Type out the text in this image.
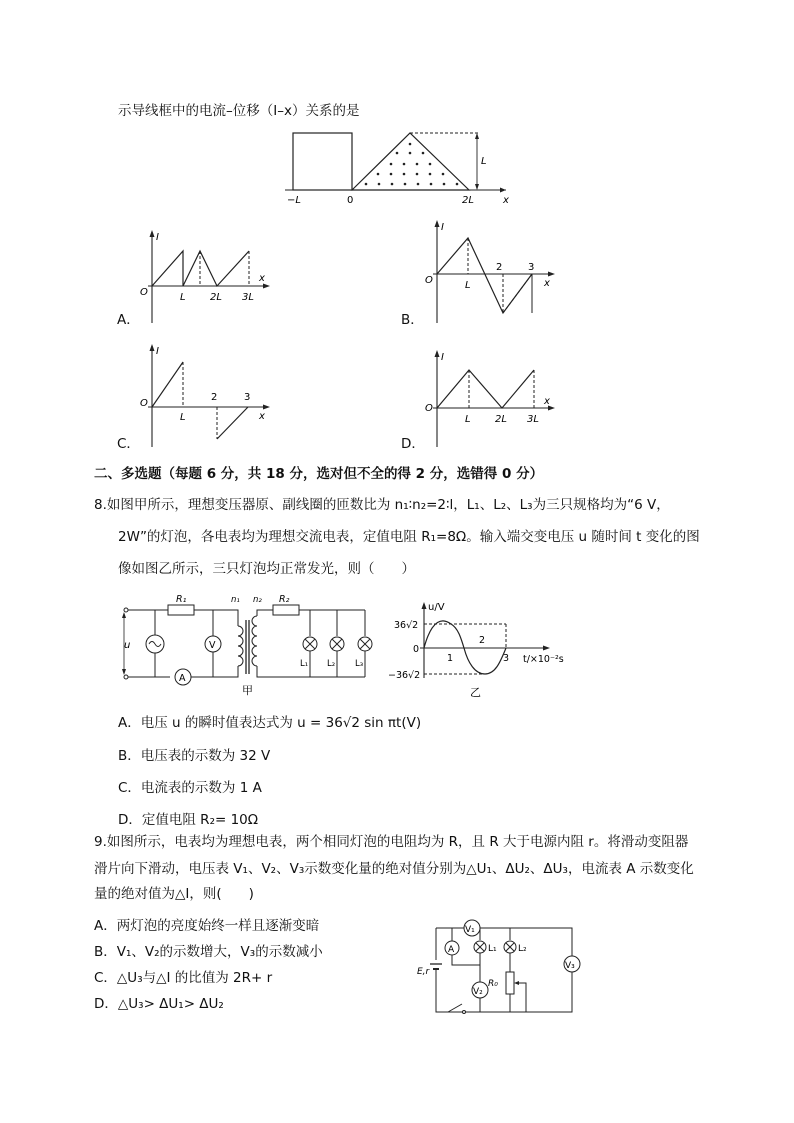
示导线框中的电流–位移（I–x）关系的是
L
−L	0	2L	x
A．
I
O	L 2L 3L
x
B．
I
O	L
2	3
x
C．
I
O
L
2	3
x
D．
I
O
L 2L 3L
x
二、多选题（每题 6 分，共 18 分，选对但不全的得 2 分，选错得 0 分）
8.如图甲所示，理想变压器原、副线圈的匝数比为 n₁∶n₂=2∶l，L₁、L₂、L₃为三只规格均为“6 V，
2W”的灯泡，各电表均为理想交流电表，定值电阻 R₁=8Ω。输入端交变电压 u 随时间 t 变化的图
像如图乙所示，三只灯泡均正常发光，则（　　）
u
R₁
A
V
n₁ n₂ R₂
L₁ L₂ L₃
甲
u/V
36√2
−36√2
0
1
2
3 t/×10⁻²s
乙
A．电压 u 的瞬时值表达式为 u = 36√2 sin πt(V)
B．电压表的示数为 32 V
C．电流表的示数为 1 A
D．定值电阻 R₂= 10Ω
9.如图所示，电表均为理想电表，两个相同灯泡的电阻均为 R，且 R 大于电源内阻 r。将滑动变阻器
滑片向下滑动，电压表 V₁、V₂、V₃示数变化量的绝对值分别为△U₁、ΔU₂、ΔU₃，电流表 A 示数变化
量的绝对值为△I，则(　　)
A．两灯泡的亮度始终一样且逐渐变暗
B．V₁、V₂的示数增大，V₃的示数减小
C．△U₃与△I 的比值为 2R+ r
D．△U₃> ΔU₁> ΔU₂
V₁
E,r
A	L₁ L₂
R₀
V₂
V₃
